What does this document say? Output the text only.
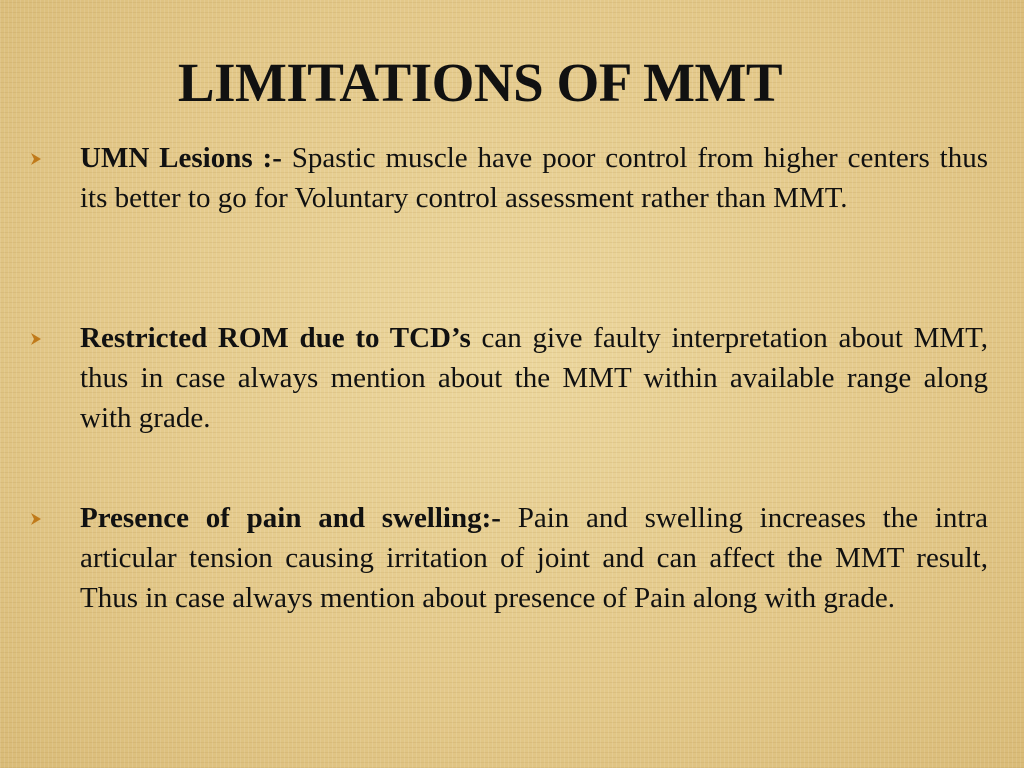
LIMITATIONS OF MMT

UMN Lesions :- Spastic muscle have poor control from higher centers thus its better to go for Voluntary control assessment rather than MMT.

Restricted ROM due to TCD’s can give faulty interpretation about MMT, thus in case always mention about the MMT within available range along with grade.

Presence of pain and swelling:- Pain and swelling increases the intra articular tension causing irritation of joint and can affect the MMT result, Thus in case always mention about presence of Pain along with grade.
